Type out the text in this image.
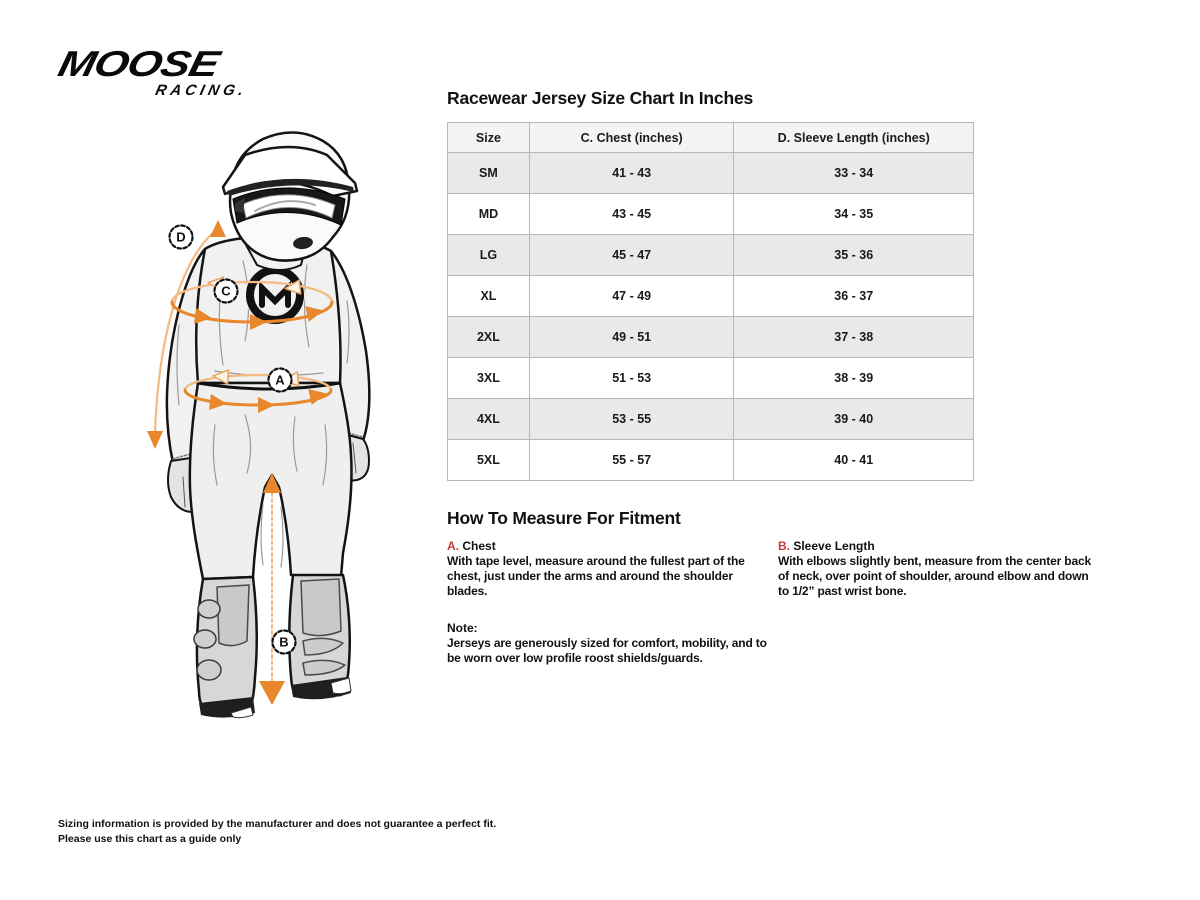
MOOSE
RACING.
D
C
A
B
Racewear Jersey Size Chart In Inches
Size	C. Chest (inches)	D. Sleeve Length (inches)
SM	41 - 43	33 - 34
MD	43 - 45	34 - 35
LG	45 - 47	35 - 36
XL	47 - 49	36 - 37
2XL	49 - 51	37 - 38
3XL	51 - 53	38 - 39
4XL	53 - 55	39 - 40
5XL	55 - 57	40 - 41
How To Measure For Fitment
A. Chest
With tape level, measure around the fullest part of the chest, just under the arms and around the shoulder blades.
Note:
Jerseys are generously sized for comfort, mobility, and to be worn over low profile roost shields/guards.
B. Sleeve Length
With elbows slightly bent, measure from the center back of neck, over point of shoulder, around elbow and down to 1/2” past wrist bone.
Sizing information is provided by the manufacturer and does not guarantee a perfect fit.
Please use this chart as a guide only
